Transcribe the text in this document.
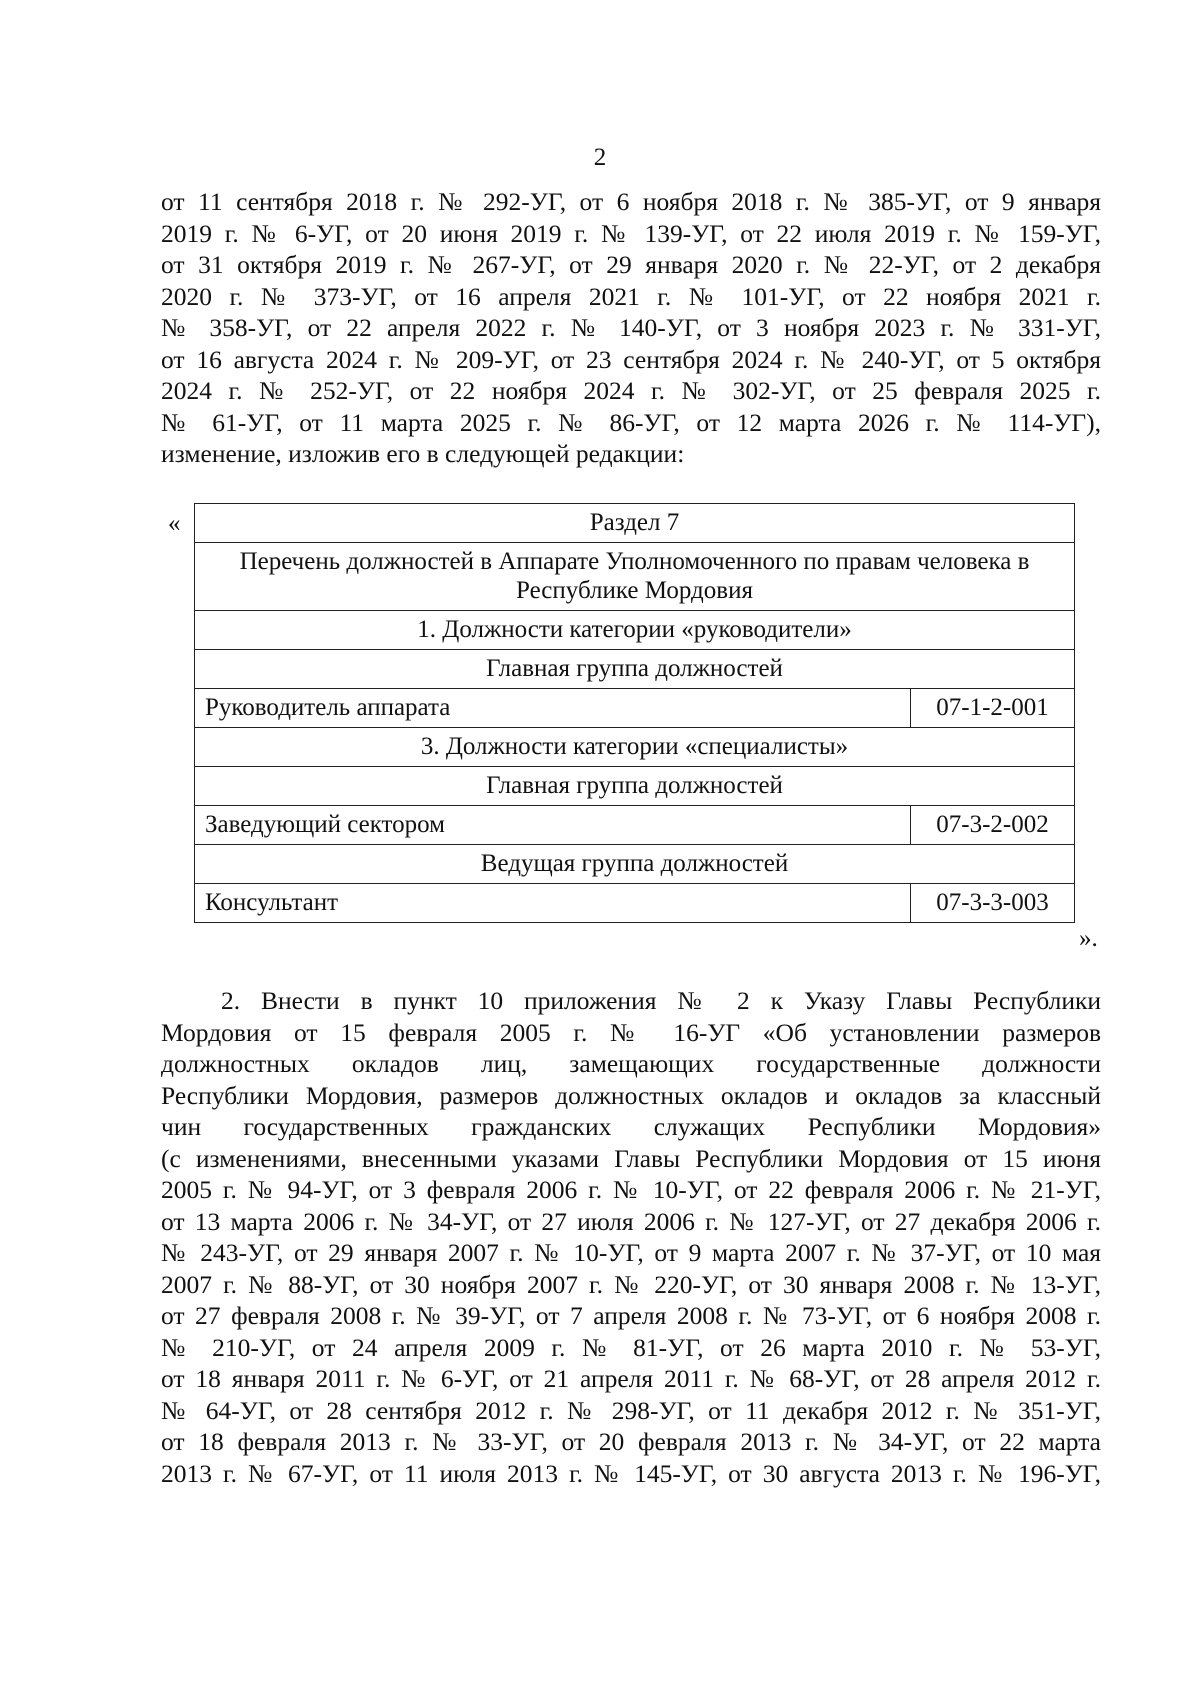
2
от 11 сентября 2018 г. № 292-УГ, от 6 ноября 2018 г. № 385-УГ, от 9 января
2019 г. № 6-УГ, от 20 июня 2019 г. № 139-УГ, от 22 июля 2019 г. № 159-УГ,
от 31 октября 2019 г. № 267-УГ, от 29 января 2020 г. № 22-УГ, от 2 декабря
2020 г. № 373-УГ, от 16 апреля 2021 г. № 101-УГ, от 22 ноября 2021 г.
№ 358-УГ, от 22 апреля 2022 г. № 140-УГ, от 3 ноября 2023 г. № 331-УГ,
от 16 августа 2024 г. № 209-УГ, от 23 сентября 2024 г. № 240-УГ, от 5 октября
2024 г. № 252-УГ, от 22 ноября 2024 г. № 302-УГ, от 25 февраля 2025 г.
№ 61-УГ, от 11 марта 2025 г. № 86-УГ, от 12 марта 2026 г. № 114-УГ),
изменение, изложив его в следующей редакции:
«	Раздел 7	
Перечень должностей в Аппарате Уполномоченного по правам человека в Республике Мордовия	
1. Должности категории «руководители»	
Главная группа должностей	
Руководитель аппарата	07-1-2-001
3. Должности категории «специалисты»	
Главная группа должностей	
Заведующий сектором	07-3-2-002
Ведущая группа должностей	
Консультант	07-3-3-003
».
2. Внести в пункт 10 приложения № 2 к Указу Главы Республики
Мордовия от 15 февраля 2005 г. № 16-УГ «Об установлении размеров
должностных окладов лиц, замещающих государственные должности
Республики Мордовия, размеров должностных окладов и окладов за классный
чин государственных гражданских служащих Республики Мордовия»
(с изменениями, внесенными указами Главы Республики Мордовия от 15 июня
2005 г. № 94-УГ, от 3 февраля 2006 г. № 10-УГ, от 22 февраля 2006 г. № 21-УГ,
от 13 марта 2006 г. № 34-УГ, от 27 июля 2006 г. № 127-УГ, от 27 декабря 2006 г.
№ 243-УГ, от 29 января 2007 г. № 10-УГ, от 9 марта 2007 г. № 37-УГ, от 10 мая
2007 г. № 88-УГ, от 30 ноября 2007 г. № 220-УГ, от 30 января 2008 г. № 13-УГ,
от 27 февраля 2008 г. № 39-УГ, от 7 апреля 2008 г. № 73-УГ, от 6 ноября 2008 г.
№ 210-УГ, от 24 апреля 2009 г. № 81-УГ, от 26 марта 2010 г. № 53-УГ,
от 18 января 2011 г. № 6-УГ, от 21 апреля 2011 г. № 68-УГ, от 28 апреля 2012 г.
№ 64-УГ, от 28 сентября 2012 г. № 298-УГ, от 11 декабря 2012 г. № 351-УГ,
от 18 февраля 2013 г. № 33-УГ, от 20 февраля 2013 г. № 34-УГ, от 22 марта
2013 г. № 67-УГ, от 11 июля 2013 г. № 145-УГ, от 30 августа 2013 г. № 196-УГ,
